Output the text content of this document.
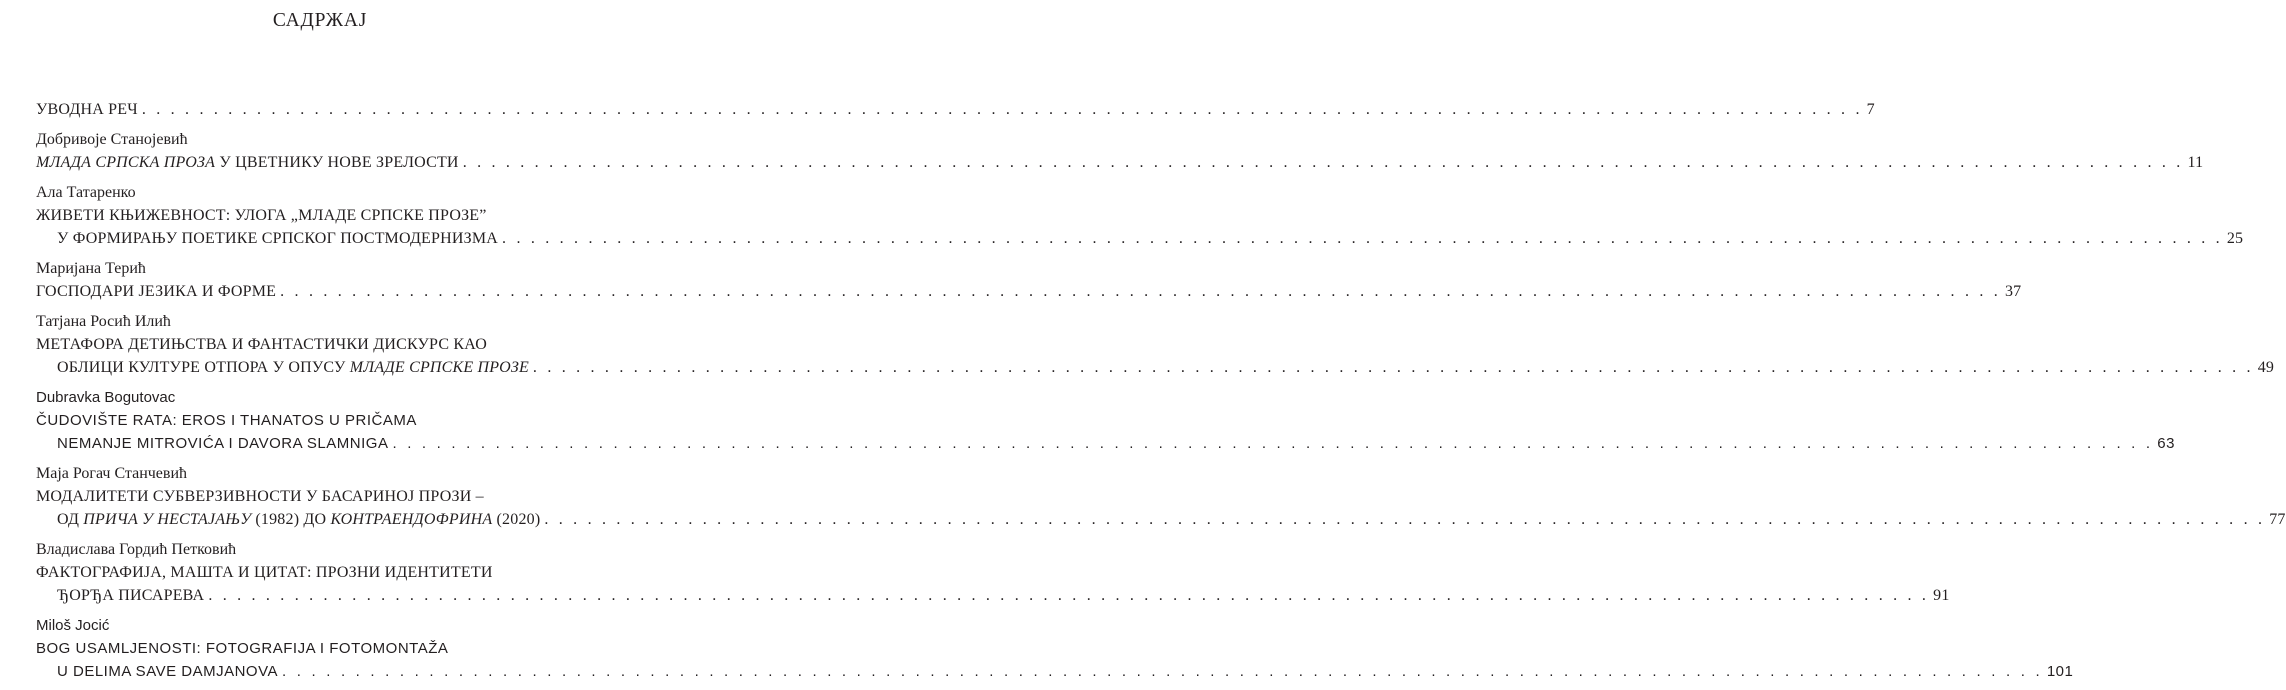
САДРЖАЈ
УВОДНА РЕЧ . . . . . . . . . . . . . . . . . . . . . . . . . . . . . . . . . . . . . . . . . . . . . . . . . . . . . . . . . . . . . . . . . . . . . . . . . . . . . . . . . . . . . . . . . . . . . . . . . . . . . . . . . . . . . . . . . . . . . . . . 7
Добривоје Станојевић
МЛАДА СРПСКА ПРОЗА У ЦВЕТНИКУ НОВЕ ЗРЕЛОСТИ . . . . . . . . . . . . . . . . . . . . . . . . . . . . . . . . . . . . . . . . . . . . . . . . . . . . . . . . . . . . . . . . . . . . . . . . . . . . . . . . . . . . . . . . . . . . . . . . . . . . . . . . . . . . . . . . . . . . . . . . 11
Ала Татаренко
ЖИВЕТИ КЊИЖЕВНОСТ: УЛОГА „МЛАДЕ СРПСКЕ ПРОЗЕ”
У ФОРМИРАЊУ ПОЕТИКЕ СРПСКОГ ПОСТМОДЕРНИЗМА . . . . . . . . . . . . . . . . . . . . . . . . . . . . . . . . . . . . . . . . . . . . . . . . . . . . . . . . . . . . . . . . . . . . . . . . . . . . . . . . . . . . . . . . . . . . . . . . . . . . . . . . . . . . . . . . . . . . . . . . 25
Маријана Терић
ГОСПОДАРИ ЈЕЗИКА И ФОРМЕ . . . . . . . . . . . . . . . . . . . . . . . . . . . . . . . . . . . . . . . . . . . . . . . . . . . . . . . . . . . . . . . . . . . . . . . . . . . . . . . . . . . . . . . . . . . . . . . . . . . . . . . . . . . . . . . . . . . . . . . . 37
Татјана Росић Илић
МЕТАФОРА ДЕТИЊСТВА И ФАНТАСТИЧКИ ДИСКУРС КАО
ОБЛИЦИ КУЛТУРЕ ОТПОРА У ОПУСУ МЛАДЕ СРПСКЕ ПРОЗЕ . . . . . . . . . . . . . . . . . . . . . . . . . . . . . . . . . . . . . . . . . . . . . . . . . . . . . . . . . . . . . . . . . . . . . . . . . . . . . . . . . . . . . . . . . . . . . . . . . . . . . . . . . . . . . . . . . . . . . . . . 49
Dubravka Bogutovac
ČUDOVIŠTE RATA: EROS I THANATOS U PRIČAMA
NEMANJE MITROVIĆA I DAVORA SLAMNIGA . . . . . . . . . . . . . . . . . . . . . . . . . . . . . . . . . . . . . . . . . . . . . . . . . . . . . . . . . . . . . . . . . . . . . . . . . . . . . . . . . . . . . . . . . . . . . . . . . . . . . . . . . . . . . . . . . . . . . . . . 63
Маја Рогач Станчевић
МОДАЛИТЕТИ СУБВЕРЗИВНОСТИ У БАСАРИНОЈ ПРОЗИ –
ОД ПРИЧА У НЕСТАЈАЊУ (1982) ДО КОНТРАЕНДОФРИНА (2020) . . . . . . . . . . . . . . . . . . . . . . . . . . . . . . . . . . . . . . . . . . . . . . . . . . . . . . . . . . . . . . . . . . . . . . . . . . . . . . . . . . . . . . . . . . . . . . . . . . . . . . . . . . . . . . . . . . . . . . . . 77
Владислава Гордић Петковић
ФАКТОГРАФИЈА, МАШТА И ЦИТАТ: ПРОЗНИ ИДЕНТИТЕТИ
ЂОРЂА ПИСАРЕВА . . . . . . . . . . . . . . . . . . . . . . . . . . . . . . . . . . . . . . . . . . . . . . . . . . . . . . . . . . . . . . . . . . . . . . . . . . . . . . . . . . . . . . . . . . . . . . . . . . . . . . . . . . . . . . . . . . . . . . . . 91
Miloš Jocić
BOG USAMLJENOSTI: FOTOGRAFIJA I FOTOMONTAŽA
U DELIMA SAVE DAMJANOVA . . . . . . . . . . . . . . . . . . . . . . . . . . . . . . . . . . . . . . . . . . . . . . . . . . . . . . . . . . . . . . . . . . . . . . . . . . . . . . . . . . . . . . . . . . . . . . . . . . . . . . . . . . . . . . . . . . . . . . . . 101
